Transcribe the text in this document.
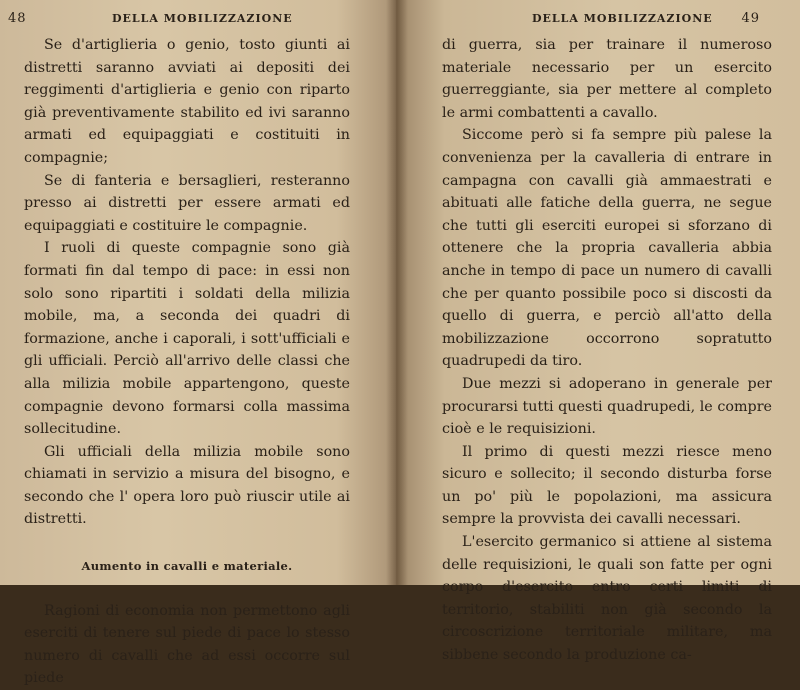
48	DELLA MOBILIZZAZIONE

Se d'artiglieria o genio, tosto giunti ai distretti saranno avviati ai depositi dei reggimenti d'artiglieria e genio con riparto già preventivamente stabilito ed ivi saranno armati ed equipaggiati e costituiti in compagnie;

Se di fanteria e bersaglieri, resteranno presso ai distretti per essere armati ed equipaggiati e costituire le compagnie.

I ruoli di queste compagnie sono già formati fin dal tempo di pace: in essi non solo sono ripartiti i soldati della milizia mobile, ma, a seconda dei quadri di formazione, anche i caporali, i sott'ufficiali e gli ufficiali. Perciò all'arrivo delle classi che alla milizia mobile appartengono, queste compagnie devono formarsi colla massima sollecitudine.

Gli ufficiali della milizia mobile sono chiamati in servizio a misura del bisogno, e secondo che l' opera loro può riuscir utile ai distretti.

Aumento in cavalli e materiale.

Ragioni di economia non permettono agli eserciti di tenere sul piede di pace lo stesso numero di cavalli che ad essi occorre sul piede

DELLA MOBILIZZAZIONE 49

di guerra, sia per trainare il numeroso materiale necessario per un esercito guerreggiante, sia per mettere al completo le armi combattenti a cavallo.

Siccome però si fa sempre più palese la convenienza per la cavalleria di entrare in campagna con cavalli già ammaestrati e abituati alle fatiche della guerra, ne segue che tutti gli eserciti europei si sforzano di ottenere che la propria cavalleria abbia anche in tempo di pace un numero di cavalli che per quanto possibile poco si discosti da quello di guerra, e perciò all'atto della mobilizzazione occorrono sopratutto quadrupedi da tiro.

Due mezzi si adoperano in generale per procurarsi tutti questi quadrupedi, le compre cioè e le requisizioni.

Il primo di questi mezzi riesce meno sicuro e sollecito; il secondo disturba forse un po' più le popolazioni, ma assicura sempre la provvista dei cavalli necessari.

L'esercito germanico si attiene al sistema delle requisizioni, le quali son fatte per ogni corpo d'esercito entro certi limiti di territorio, stabiliti non già secondo la circoscrizione territoriale militare, ma sibbene secondo la produzione ca-
